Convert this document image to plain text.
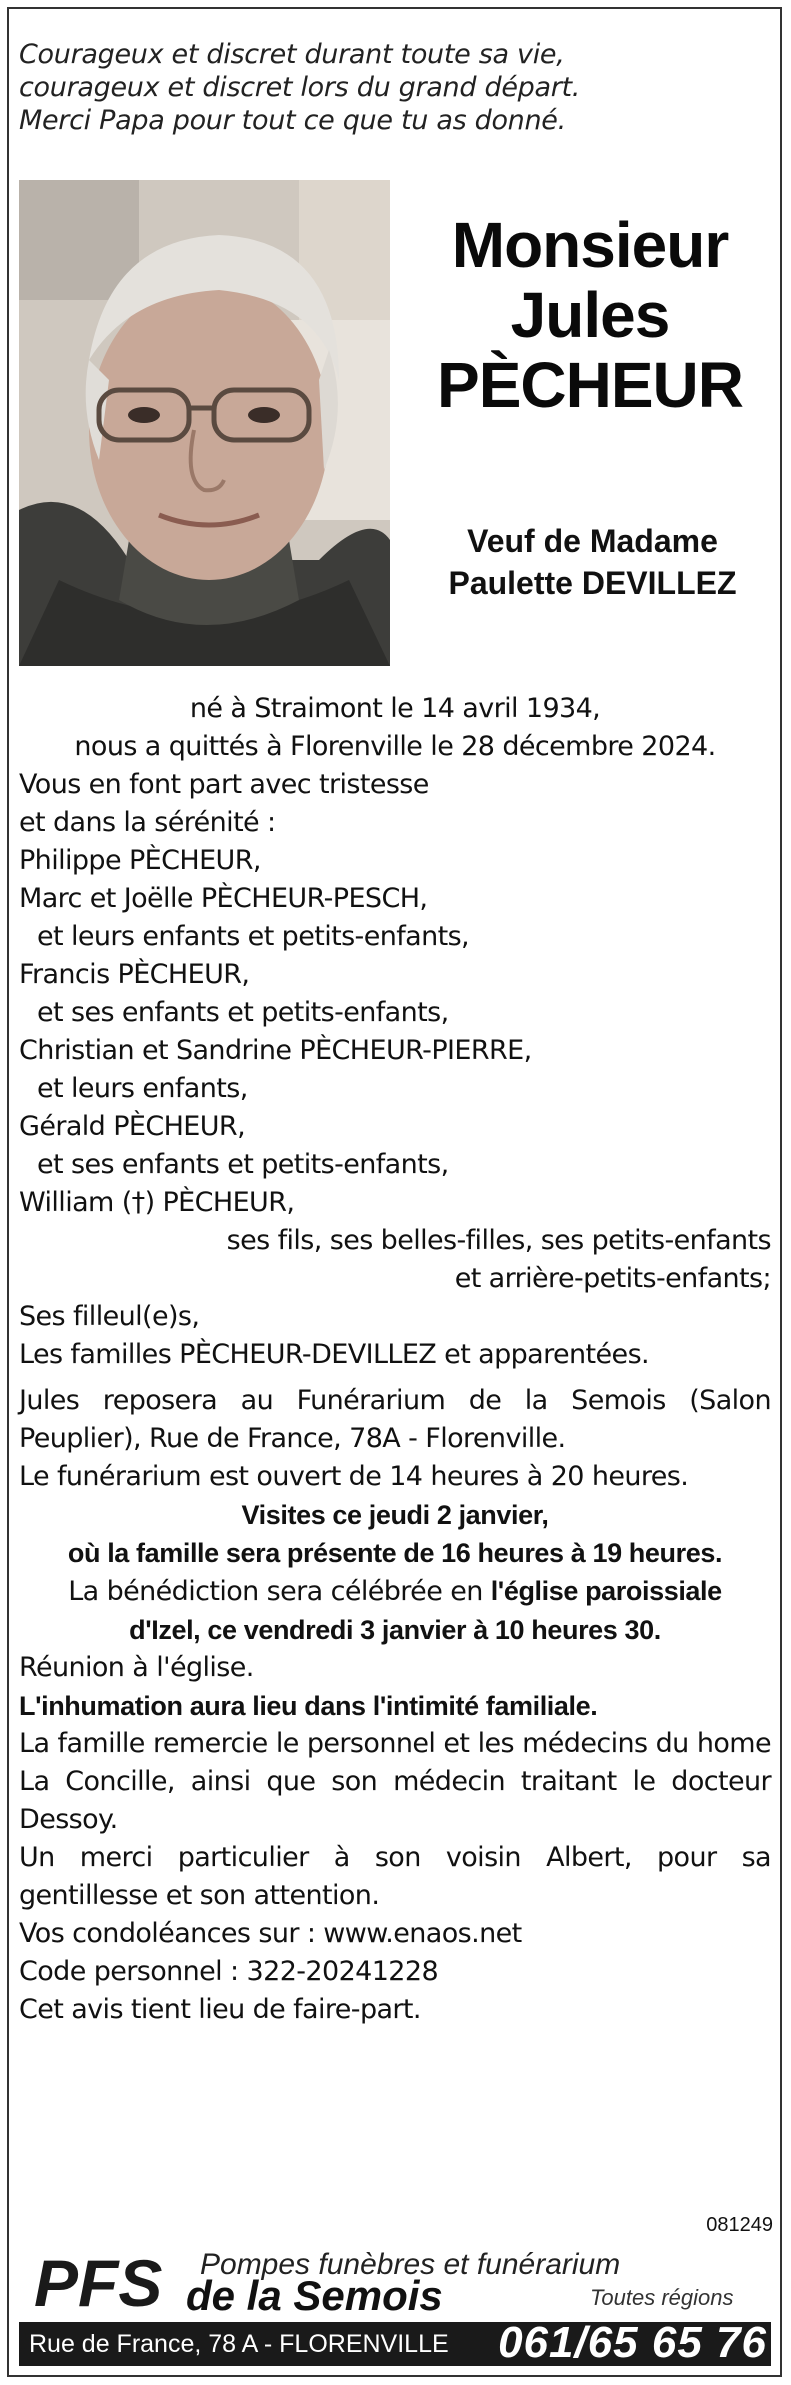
Courageux et discret durant toute sa vie,
courageux et discret lors du grand départ.
Merci Papa pour tout ce que tu as donné.
Monsieur
Jules
PÈCHEUR
Veuf de Madame
Paulette DEVILLEZ
né à Straimont le 14 avril 1934,
nous a quittés à Florenville le 28 décembre 2024.
Vous en font part avec tristesse
et dans la sérénité :
Philippe PÈCHEUR,
Marc et Joëlle PÈCHEUR-PESCH,
et leurs enfants et petits-enfants,
Francis PÈCHEUR,
et ses enfants et petits-enfants,
Christian et Sandrine PÈCHEUR-PIERRE,
et leurs enfants,
Gérald PÈCHEUR,
et ses enfants et petits-enfants,
William (†) PÈCHEUR,
ses fils, ses belles-filles, ses petits-enfants
et arrière-petits-enfants;
Ses filleul(e)s,
Les familles PÈCHEUR-DEVILLEZ et apparentées.
Jules reposera au Funérarium de la Semois (Salon Peuplier), Rue de France, 78A - Florenville.
Le funérarium est ouvert de 14 heures à 20 heures.
Visites ce jeudi 2 janvier,
où la famille sera présente de 16 heures à 19 heures.
La bénédiction sera célébrée en l'église paroissiale
d'Izel, ce vendredi 3 janvier à 10 heures 30.
Réunion à l'église.
L'inhumation aura lieu dans l'intimité familiale.
La famille remercie le personnel et les médecins du home La Concille, ainsi que son médecin traitant le docteur Dessoy.
Un merci particulier à son voisin Albert, pour sa gentillesse et son attention.
Vos condoléances sur : www.enaos.net
Code personnel : 322-20241228
Cet avis tient lieu de faire-part.
081249
PFS Pompes funèbres et funérarium
de la Semois	Toutes régions
Rue de France, 78 A - FLORENVILLE 061/65 65 76
